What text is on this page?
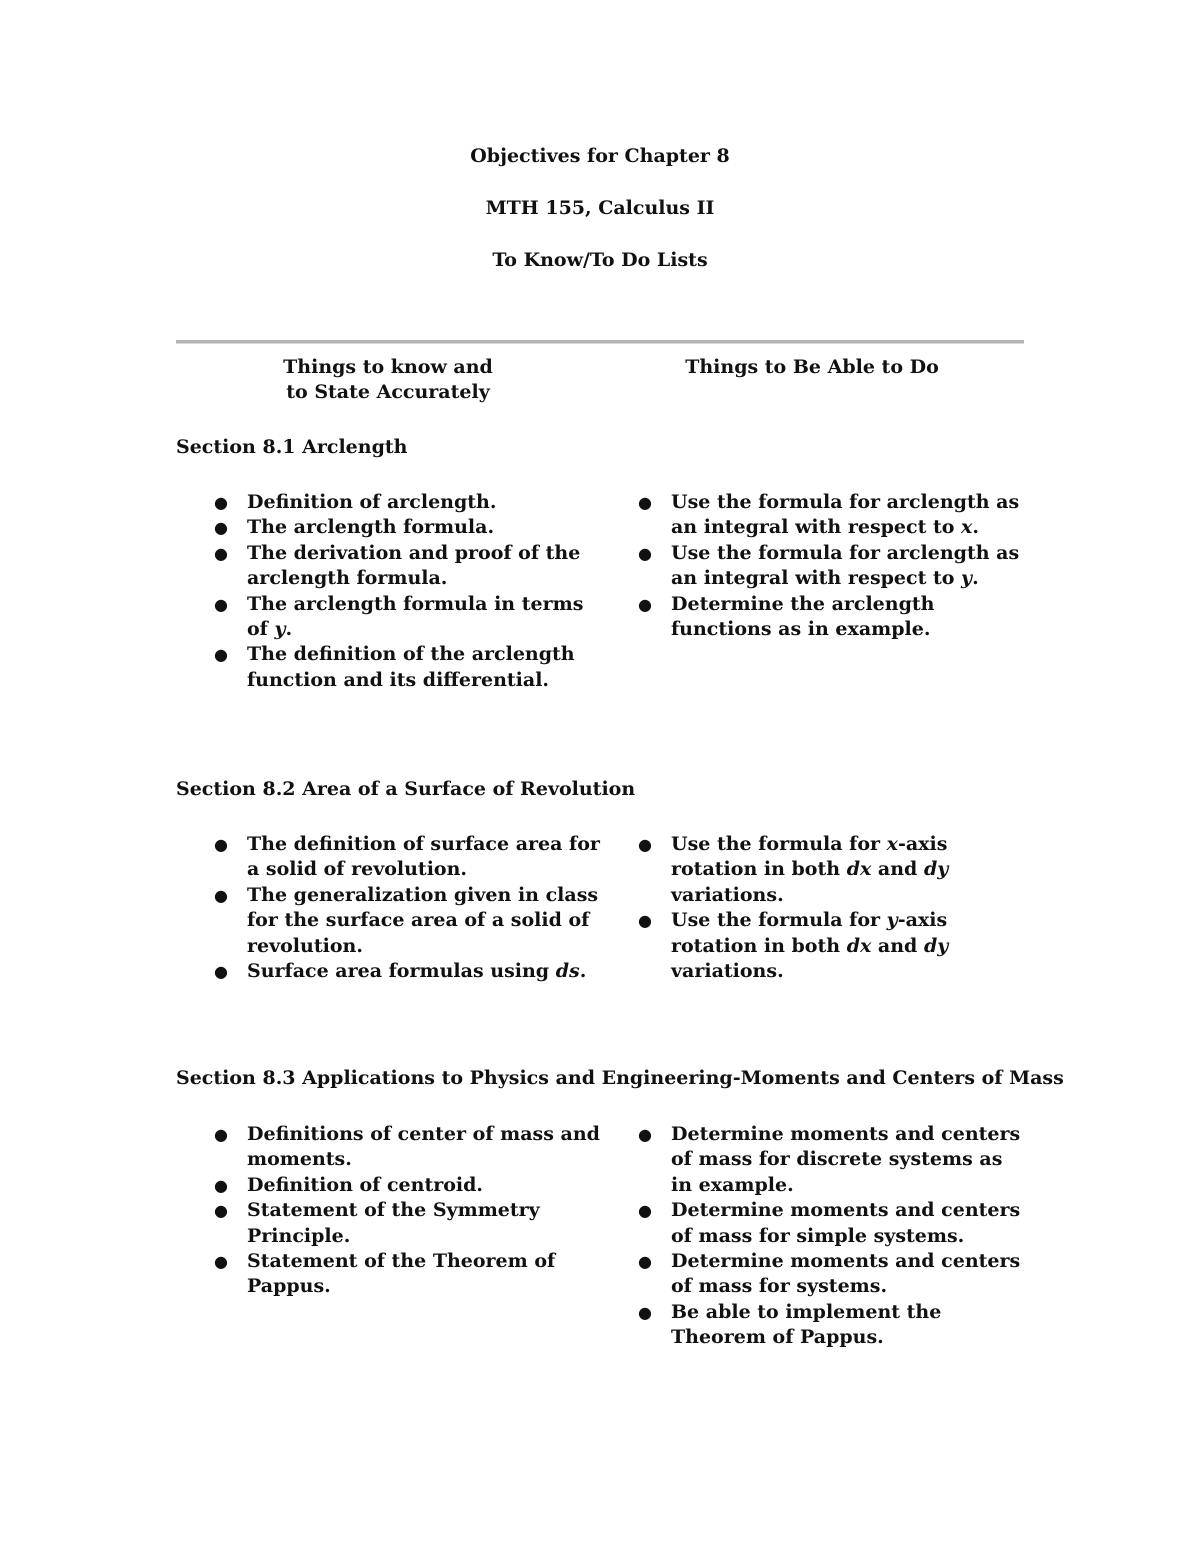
Objectives for Chapter 8

MTH 155, Calculus II

To Know/To Do Lists

Things to know and
to State Accurately
Things to Be Able to Do

Section 8.1 Arclength

● Definition of arclength.
● The arclength formula.
● The derivation and proof of the arclength formula.
● The arclength formula in terms of y.
● The definition of the arclength function and its differential.
● Use the formula for arclength as an integral with respect to x.
● Use the formula for arclength as an integral with respect to y.
● Determine the arclength functions as in example.

Section 8.2 Area of a Surface of Revolution

● The definition of surface area for a solid of revolution.
● The generalization given in class for the surface area of a solid of revolution.
● Surface area formulas using ds.
● Use the formula for x-axis rotation in both dx and dy variations.
● Use the formula for y-axis rotation in both dx and dy variations.

Section 8.3 Applications to Physics and Engineering-Moments and Centers of Mass

● Definitions of center of mass and moments.
● Definition of centroid.
● Statement of the Symmetry Principle.
● Statement of the Theorem of Pappus.
● Determine moments and centers of mass for discrete systems as in example.
● Determine moments and centers of mass for simple systems.
● Determine moments and centers of mass for systems.
● Be able to implement the Theorem of Pappus.
